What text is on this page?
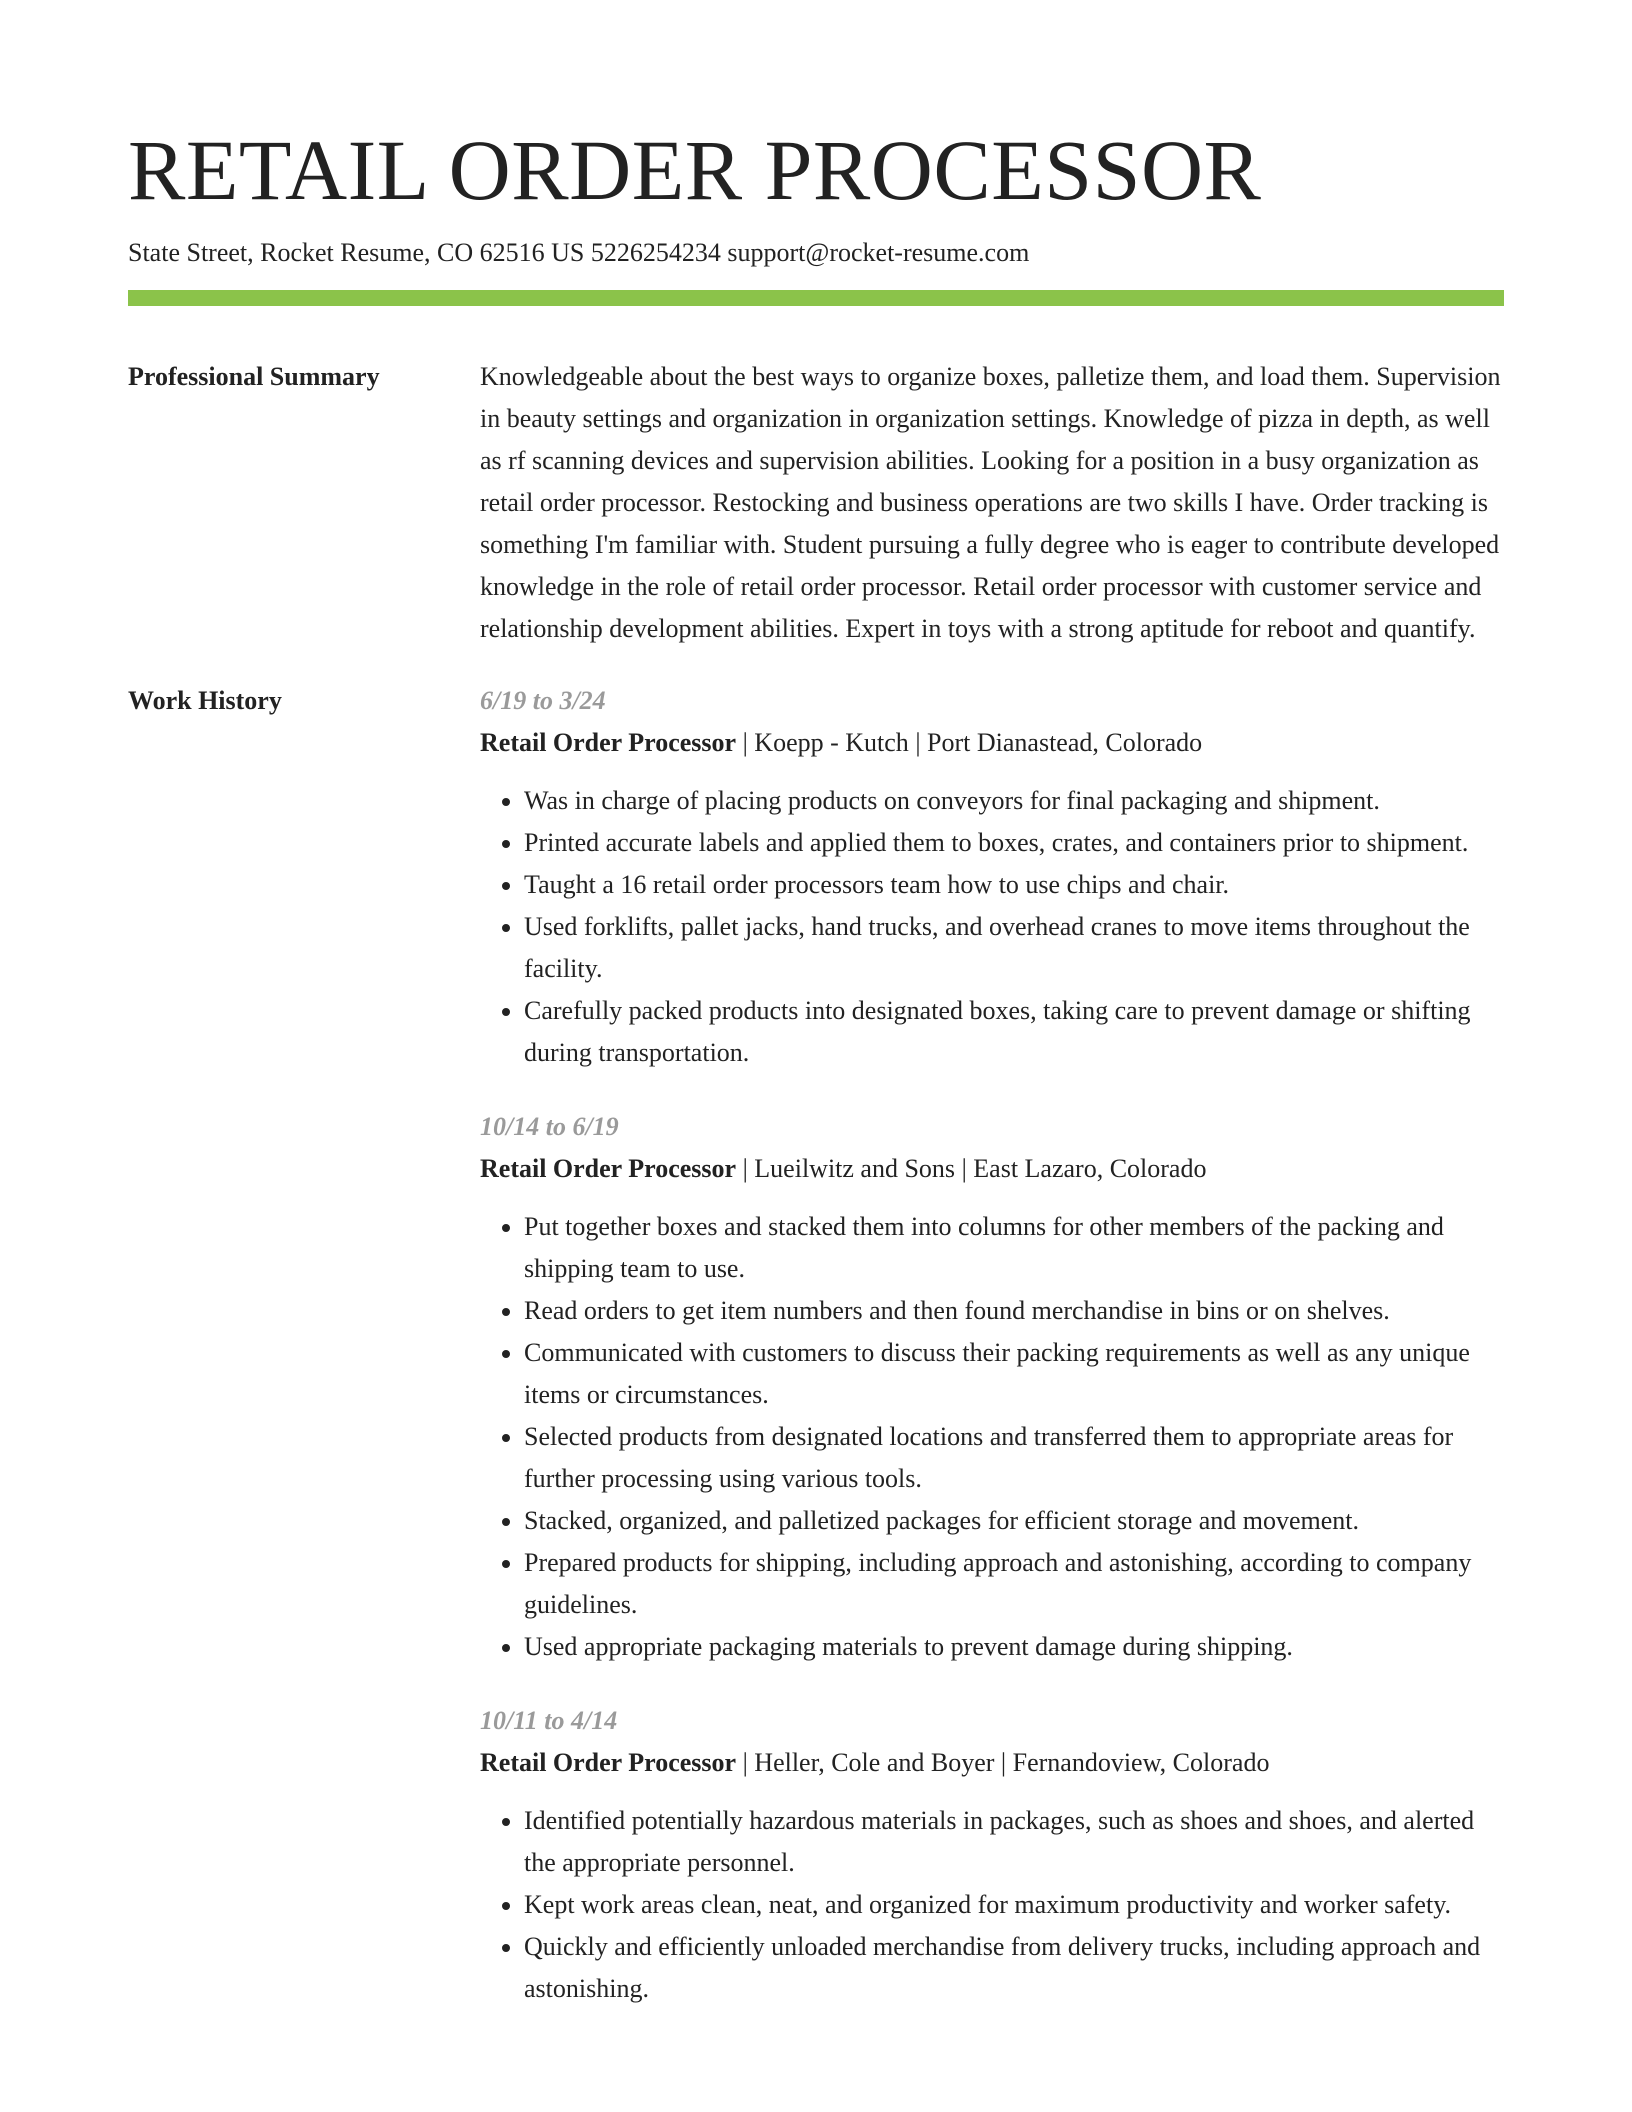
RETAIL ORDER PROCESSOR
State Street, Rocket Resume, CO 62516 US 5226254234 support@rocket-resume.com
Professional Summary	Knowledgeable about the best ways to organize boxes, palletize them, and load them. Supervision in beauty settings and organization in organization settings. Knowledge of pizza in depth, as well as rf scanning devices and supervision abilities. Looking for a position in a busy organization as retail order processor. Restocking and business operations are two skills I have. Order tracking is something I'm familiar with. Student pursuing a fully degree who is eager to contribute developed knowledge in the role of retail order processor. Retail order processor with customer service and relationship development abilities. Expert in toys with a strong aptitude for reboot and quantify.

Work History	6/19 to 3/24
Retail Order Processor | Koepp - Kutch | Port Dianastead, Colorado
• Was in charge of placing products on conveyors for final packaging and shipment.
• Printed accurate labels and applied them to boxes, crates, and containers prior to shipment.
• Taught a 16 retail order processors team how to use chips and chair.
• Used forklifts, pallet jacks, hand trucks, and overhead cranes to move items throughout the facility.
• Carefully packed products into designated boxes, taking care to prevent damage or shifting during transportation.
10/14 to 6/19
Retail Order Processor | Lueilwitz and Sons | East Lazaro, Colorado
• Put together boxes and stacked them into columns for other members of the packing and shipping team to use.
• Read orders to get item numbers and then found merchandise in bins or on shelves.
• Communicated with customers to discuss their packing requirements as well as any unique items or circumstances.
• Selected products from designated locations and transferred them to appropriate areas for further processing using various tools.
• Stacked, organized, and palletized packages for efficient storage and movement.
• Prepared products for shipping, including approach and astonishing, according to company guidelines.
• Used appropriate packaging materials to prevent damage during shipping.
10/11 to 4/14
Retail Order Processor | Heller, Cole and Boyer | Fernandoview, Colorado
• Identified potentially hazardous materials in packages, such as shoes and shoes, and alerted the appropriate personnel.
• Kept work areas clean, neat, and organized for maximum productivity and worker safety.
• Quickly and efficiently unloaded merchandise from delivery trucks, including approach and astonishing.
